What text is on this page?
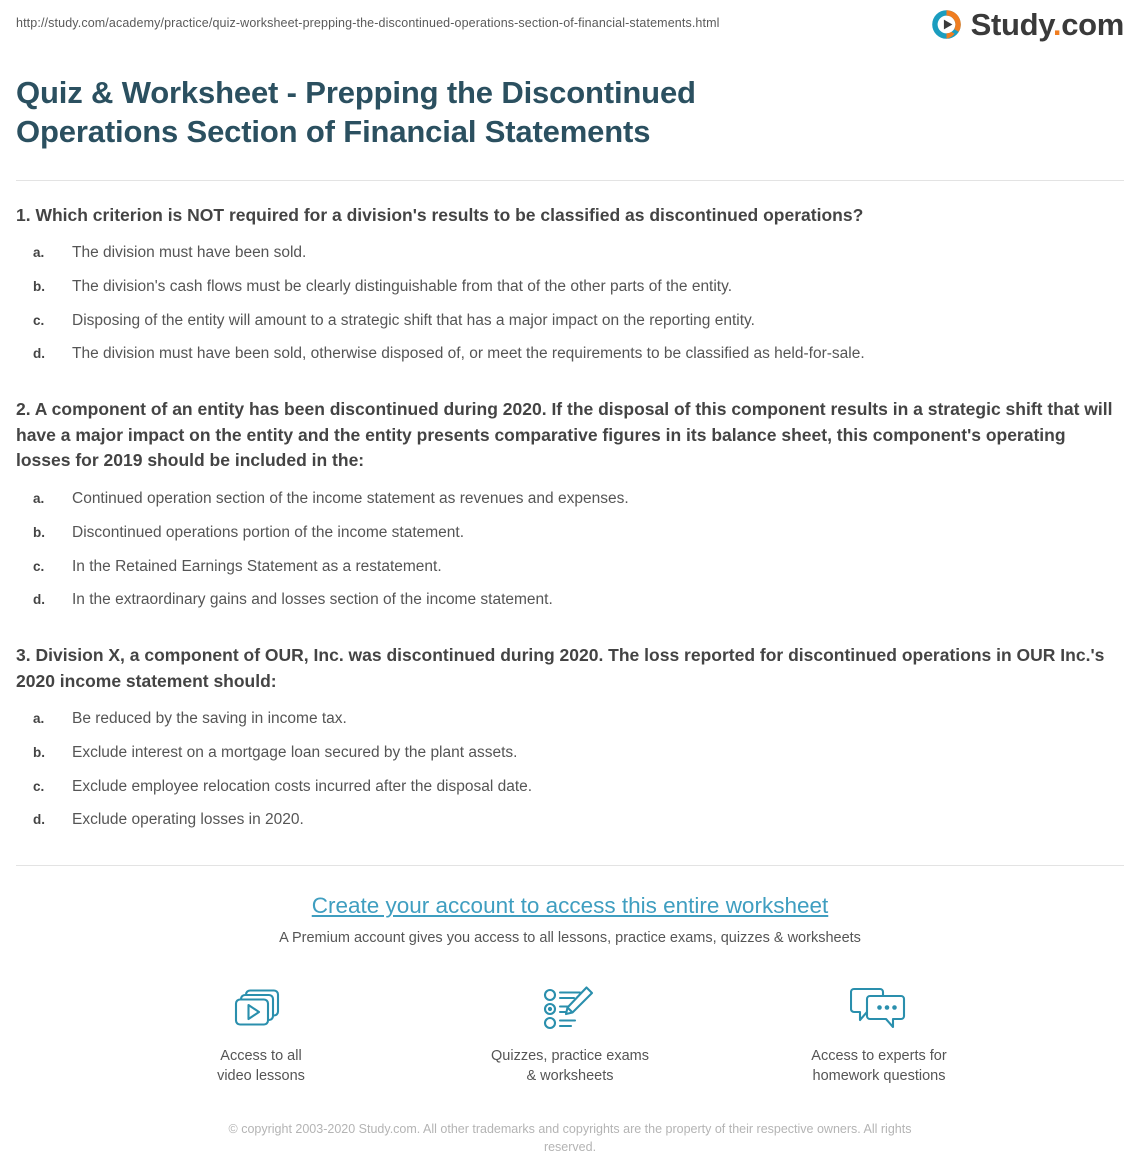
http://study.com/academy/practice/quiz-worksheet-prepping-the-discontinued-operations-section-of-financial-statements.html	Study.com
Quiz & Worksheet - Prepping the Discontinued Operations Section of Financial Statements

1. Which criterion is NOT required for a division's results to be classified as discontinued operations?

a.	The division must have been sold.
b.	The division's cash flows must be clearly distinguishable from that of the other parts of the entity.
c.	Disposing of the entity will amount to a strategic shift that has a major impact on the reporting entity.
d.	The division must have been sold, otherwise disposed of, or meet the requirements to be classified as held-for-sale.

2. A component of an entity has been discontinued during 2020. If the disposal of this component results in a strategic shift that will have a major impact on the entity and the entity presents comparative figures in its balance sheet, this component's operating losses for 2019 should be included in the:

a.	Continued operation section of the income statement as revenues and expenses.
b.	Discontinued operations portion of the income statement.
c.	In the Retained Earnings Statement as a restatement.
d.	In the extraordinary gains and losses section of the income statement.

3. Division X, a component of OUR, Inc. was discontinued during 2020. The loss reported for discontinued operations in OUR Inc.'s 2020 income statement should:

a.	Be reduced by the saving in income tax.
b.	Exclude interest on a mortgage loan secured by the plant assets.
c.	Exclude employee relocation costs incurred after the disposal date.
d.	Exclude operating losses in 2020.
Create your account to access this entire worksheet

A Premium account gives you access to all lessons, practice exams, quizzes & worksheets

Access to all
video lessons
Quizzes, practice exams
& worksheets
Access to experts for
homework questions
© copyright 2003-2020 Study.com. All other trademarks and copyrights are the property of their respective owners. All rights reserved.
